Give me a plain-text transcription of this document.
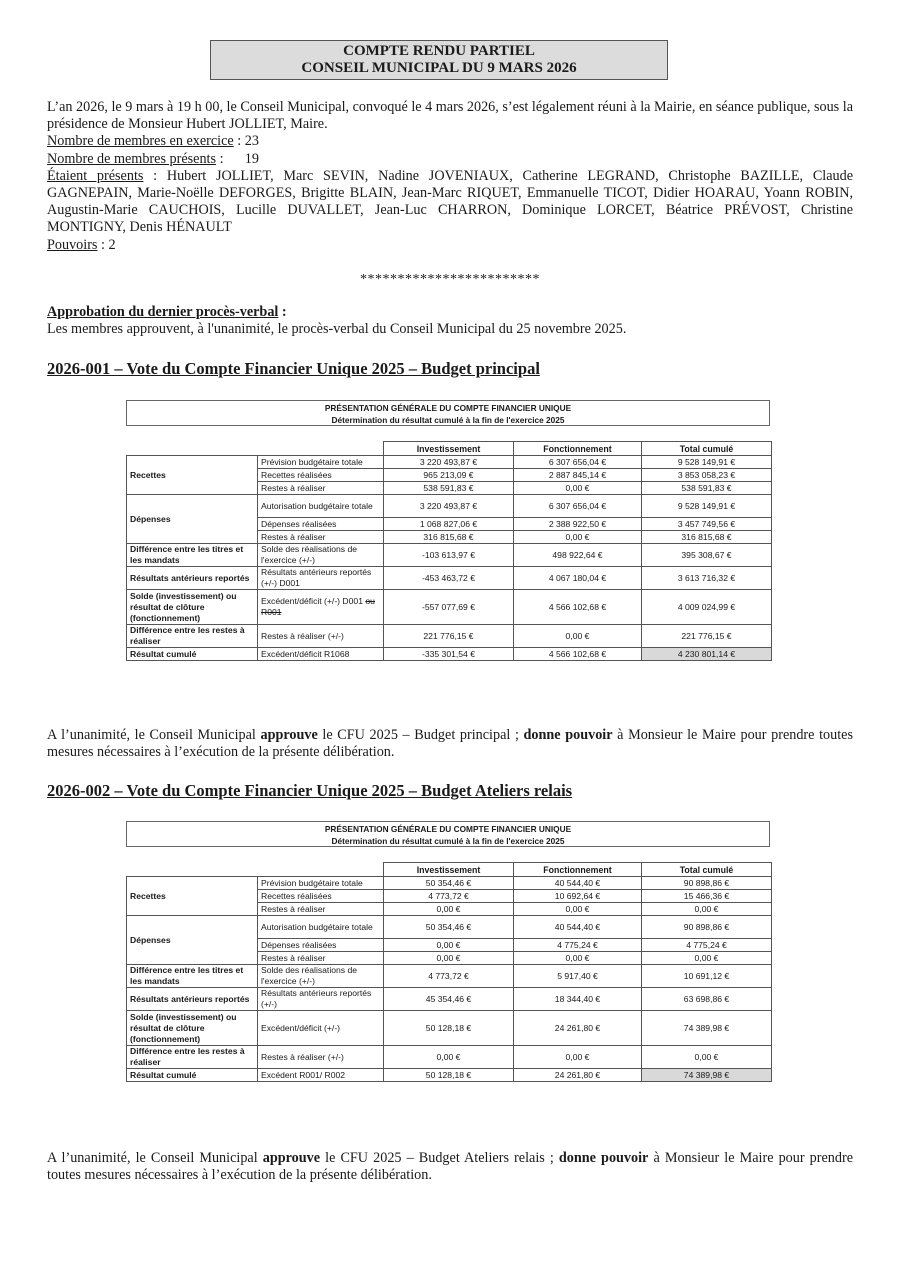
COMPTE RENDU PARTIEL
CONSEIL MUNICIPAL DU 9 MARS 2026
L’an 2026, le 9 mars à 19 h 00, le Conseil Municipal, convoqué le 4 mars 2026, s’est légalement réuni à la Mairie, en séance publique, sous la présidence de Monsieur Hubert JOLLIET, Maire.
Nombre de membres en exercice : 23
Nombre de membres présents :      19
Étaient présents : Hubert JOLLIET, Marc SEVIN, Nadine JOVENIAUX, Catherine LEGRAND, Christophe BAZILLE, Claude GAGNEPAIN, Marie-Noëlle DEFORGES, Brigitte BLAIN, Jean-Marc RIQUET, Emmanuelle TICOT, Didier HOARAU, Yoann ROBIN, Augustin-Marie CAUCHOIS, Lucille DUVALLET, Jean-Luc CHARRON, Dominique LORCET, Béatrice PRÉVOST, Christine MONTIGNY, Denis HÉNAULT
Pouvoirs : 2
************************
Approbation du dernier procès-verbal :
Les membres approuvent, à l'unanimité, le procès-verbal du Conseil Municipal du 25 novembre 2025.
2026-001 – Vote du Compte Financier Unique 2025 – Budget principal
PRÉSENTATION GÉNÉRALE DU COMPTE FINANCIER UNIQUE
Détermination du résultat cumulé à la fin de l'exercice 2025
		Investissement	Fonctionnement	Total cumulé
Recettes	Prévision budgétaire totale	3 220 493,87 €	6 307 656,04 €	9 528 149,91 €
	Recettes réalisées	965 213,09 €	2 887 845,14 €	3 853 058,23 €
	Restes à réaliser	538 591,83 €	0,00 €	538 591,83 €
Dépenses	Autorisation budgétaire totale	3 220 493,87 €	6 307 656,04 €	9 528 149,91 €
	Dépenses réalisées	1 068 827,06 €	2 388 922,50 €	3 457 749,56 €
	Restes à réaliser	316 815,68 €	0,00 €	316 815,68 €
Différence entre les titres et les mandats	Solde des réalisations de l'exercice (+/-)	-103 613,97 €	498 922,64 €	395 308,67 €
Résultats antérieurs reportés	Résultats antérieurs reportés (+/-) D001	-453 463,72 €	4 067 180,04 €	3 613 716,32 €
Solde (investissement) ou résultat de clôture (fonctionnement)	Excédent/déficit (+/-) D001 ou R001	-557 077,69 €	4 566 102,68 €	4 009 024,99 €
Différence entre les restes à réaliser	Restes à réaliser (+/-)	221 776,15 €	0,00 €	221 776,15 €
Résultat cumulé	Excédent/déficit R1068	-335 301,54 €	4 566 102,68 €	4 230 801,14 €
A l’unanimité, le Conseil Municipal approuve le CFU 2025 – Budget principal ; donne pouvoir à Monsieur le Maire pour prendre toutes mesures nécessaires à l’exécution de la présente délibération.
2026-002 – Vote du Compte Financier Unique 2025 – Budget Ateliers relais
PRÉSENTATION GÉNÉRALE DU COMPTE FINANCIER UNIQUE
Détermination du résultat cumulé à la fin de l'exercice 2025
		Investissement	Fonctionnement	Total cumulé
Recettes	Prévision budgétaire totale	50 354,46 €	40 544,40 €	90 898,86 €
	Recettes réalisées	4 773,72 €	10 692,64 €	15 466,36 €
	Restes à réaliser	0,00 €	0,00 €	0,00 €
Dépenses	Autorisation budgétaire totale	50 354,46 €	40 544,40 €	90 898,86 €
	Dépenses réalisées	0,00 €	4 775,24 €	4 775,24 €
	Restes à réaliser	0,00 €	0,00 €	0,00 €
Différence entre les titres et les mandats	Solde des réalisations de l'exercice (+/-)	4 773,72 €	5 917,40 €	10 691,12 €
Résultats antérieurs reportés	Résultats antérieurs reportés (+/-)	45 354,46 €	18 344,40 €	63 698,86 €
Solde (investissement) ou résultat de clôture (fonctionnement)	Excédent/déficit (+/-)	50 128,18 €	24 261,80 €	74 389,98 €
Différence entre les restes à réaliser	Restes à réaliser (+/-)	0,00 €	0,00 €	0,00 €
Résultat cumulé	Excédent R001/ R002	50 128,18 €	24 261,80 €	74 389,98 €
A l’unanimité, le Conseil Municipal approuve le CFU 2025 – Budget Ateliers relais ; donne pouvoir à Monsieur le Maire pour prendre toutes mesures nécessaires à l’exécution de la présente délibération.
